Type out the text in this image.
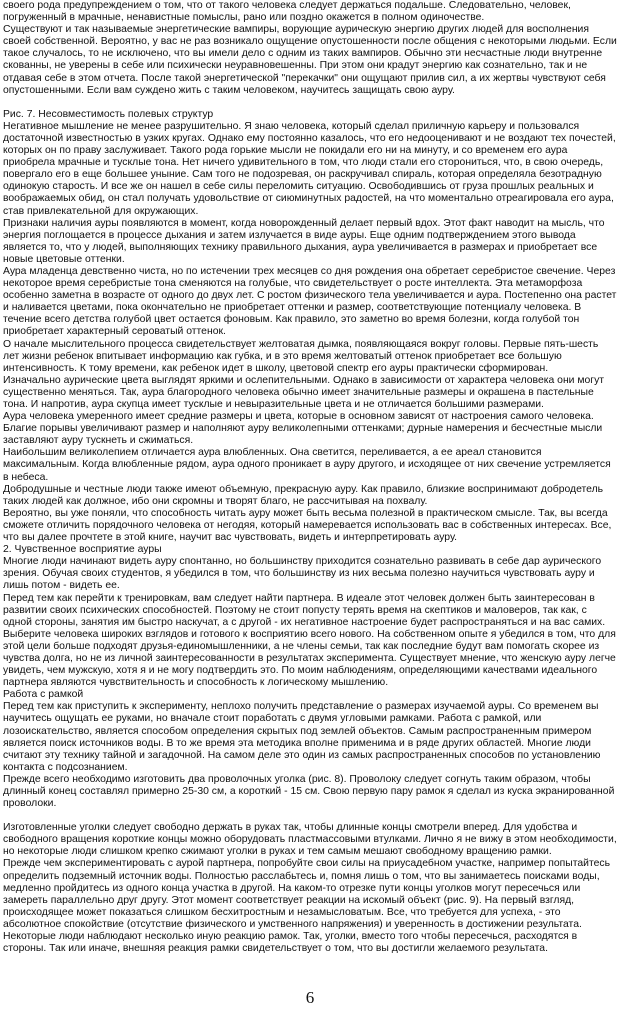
своего рода предупреждением о том, что от такого человека следует держаться подальше. Следовательно, человек, погруженный в мрачные, ненавистные помыслы, рано или поздно окажется в полном одиночестве.

Существуют и так называемые энергетические вампиры, ворующие аурическую энергию других людей для восполнения своей собственной. Вероятно, у вас не раз возникало ощущение опустошенности после общения с некоторыми людьми. Если такое случалось, то не исключено, что вы имели дело с одним из таких вампиров. Обычно эти несчастные люди внутренне скованны, не уверены в себе или психически неуравновешенны. При этом они крадут энергию как сознательно, так и не отдавая себе в этом отчета. После такой энергетической "перекачки" они ощущают прилив сил, а их жертвы чувствуют себя опустошенными. Если вам суждено жить с таким человеком, научитесь защищать свою ауру.

Рис. 7. Несовместимость полевых структур

Негативное мышление не менее разрушительно. Я знаю человека, который сделал приличную карьеру и пользовался достаточной известностью в узких кругах. Однако ему постоянно казалось, что его недооценивают и не воздают тех почестей, которых он по праву заслуживает. Такого рода горькие мысли не покидали его ни на минуту, и со временем его аура приобрела мрачные и тусклые тона. Нет ничего удивительного в том, что люди стали его сторониться, что, в свою очередь, повергало его в еще большее уныние. Сам того не подозревая, он раскручивал спираль, которая определяла безотрадную одинокую старость. И все же он нашел в себе силы переломить ситуацию. Освободившись от груза прошлых реальных и воображаемых обид, он стал получать удовольствие от сиюминутных радостей, на что моментально отреагировала его аура, став привлекательной для окружающих.

Признаки наличия ауры появляются в момент, когда новорожденный делает первый вдох. Этот факт наводит на мысль, что энергия поглощается в процессе дыхания и затем излучается в виде ауры. Еще одним подтверждением этого вывода является то, что у людей, выполняющих технику правильного дыхания, аура увеличивается в размерах и приобретает все новые цветовые оттенки.

Аура младенца девственно чиста, но по истечении трех месяцев со дня рождения она обретает серебристое свечение. Через некоторое время серебристые тона сменяются на голубые, что свидетельствует о росте интеллекта. Эта метаморфоза особенно заметна в возрасте от одного до двух лет. С ростом физического тела увеличивается и аура. Постепенно она растет и наливается цветами, пока окончательно не приобретает оттенки и размер, соответствующие потенциалу человека. В течение всего детства голубой цвет остается фоновым. Как правило, это заметно во время болезни, когда голубой тон приобретает характерный сероватый оттенок.

О начале мыслительного процесса свидетельствует желтоватая дымка, появляющаяся вокруг головы. Первые пять-шесть лет жизни ребенок впитывает информацию как губка, и в это время желтоватый оттенок приобретает все большую интенсивность. К тому времени, как ребенок идет в школу, цветовой спектр его ауры практически сформирован.

Изначально аурические цвета выглядят яркими и ослепительными. Однако в зависимости от характера человека они могут существенно меняться. Так, аура благородного человека обычно имеет значительные размеры и окрашена в пастельные тона. И напротив, аура скупца имеет тусклые и невыразительные цвета и не отличается большими размерами.

Аура человека умеренного имеет средние размеры и цвета, которые в основном зависят от настроения самого человека. Благие порывы увеличивают размер и наполняют ауру великолепными оттенками; дурные намерения и бесчестные мысли заставляют ауру тускнеть и сжиматься.

Наибольшим великолепием отличается аура влюбленных. Она светится, переливается, а ее ареал становится максимальным. Когда влюбленные рядом, аура одного проникает в ауру другого, и исходящее от них свечение устремляется в небеса.

Добродушные и честные люди также имеют объемную, прекрасную ауру. Как правило, близкие воспринимают добродетель таких людей как должное, ибо они скромны и творят благо, не рассчитывая на похвалу.

Вероятно, вы уже поняли, что способность читать ауру может быть весьма полезной в практическом смысле. Так, вы всегда сможете отличить порядочного человека от негодяя, который намеревается использовать вас в собственных интересах. Все, что вы далее прочтете в этой книге, научит вас чувствовать, видеть и интерпретировать ауру.

2. Чувственное восприятие ауры

Многие люди начинают видеть ауру спонтанно, но большинству приходится сознательно развивать в себе дар аурического зрения. Обучая своих студентов, я убедился в том, что большинству из них весьма полезно научиться чувствовать ауру и лишь потом - видеть ее.

Перед тем как перейти к тренировкам, вам следует найти партнера. В идеале этот человек должен быть заинтересован в развитии своих психических способностей. Поэтому не стоит попусту терять время на скептиков и маловеров, так как, с одной стороны, занятия им быстро наскучат, а с другой - их негативное настроение будет распространяться и на вас самих. Выберите человека широких взглядов и готового к восприятию всего нового. На собственном опыте я убедился в том, что для этой цели больше подходят друзья-единомышленники, а не члены семьи, так как последние будут вам помогать скорее из чувства долга, но не из личной заинтересованности в результатах эксперимента. Существует мнение, что женскую ауру легче увидеть, чем мужскую, хотя я и не могу подтвердить это. По моим наблюдениям, определяющими качествами идеального партнера являются чувствительность и способность к логическому мышлению.

Работа с рамкой

Перед тем как приступить к эксперименту, неплохо получить представление о размерах изучаемой ауры. Со временем вы научитесь ощущать ее руками, но вначале стоит поработать с двумя угловыми рамками. Работа с рамкой, или лозоискательство, является способом определения скрытых под землей объектов. Самым распространенным примером является поиск источников воды. В то же время эта методика вполне применима и в ряде других областей. Многие люди считают эту технику тайной и загадочной. На самом деле это один из самых распространенных способов по установлению контакта с подсознанием.

Прежде всего необходимо изготовить два проволочных уголка (рис. 8). Проволоку следует согнуть таким образом, чтобы длинный конец составлял примерно 25-30 см, а короткий - 15 см. Свою первую пару рамок я сделал из куска экранированной проволоки.

Изготовленные уголки следует свободно держать в руках так, чтобы длинные концы смотрели вперед. Для удобства и свободного вращения короткие концы можно оборудовать пластмассовыми втулками. Лично я не вижу в этом необходимости, но некоторые люди слишком крепко сжимают уголки в руках и тем самым мешают свободному вращению рамки.

Прежде чем экспериментировать с аурой партнера, попробуйте свои силы на приусадебном участке, например попытайтесь определить подземный источник воды. Полностью расслабьтесь и, помня лишь о том, что вы занимаетесь поисками воды, медленно пройдитесь из одного конца участка в другой. На каком-то отрезке пути концы уголков могут пересечься или замереть параллельно друг другу. Этот момент соответствует реакции на искомый объект (рис. 9). На первый взгляд, происходящее может показаться слишком бесхитростным и незамысловатым. Все, что требуется для успеха, - это абсолютное спокойствие (отсутствие физического и умственного напряжения) и уверенность в достижении результата.

Некоторые люди наблюдают несколько иную реакцию рамок. Так, уголки, вместо того чтобы пересечься, расходятся в стороны. Так или иначе, внешняя реакция рамки свидетельствует о том, что вы достигли желаемого результата.

6
